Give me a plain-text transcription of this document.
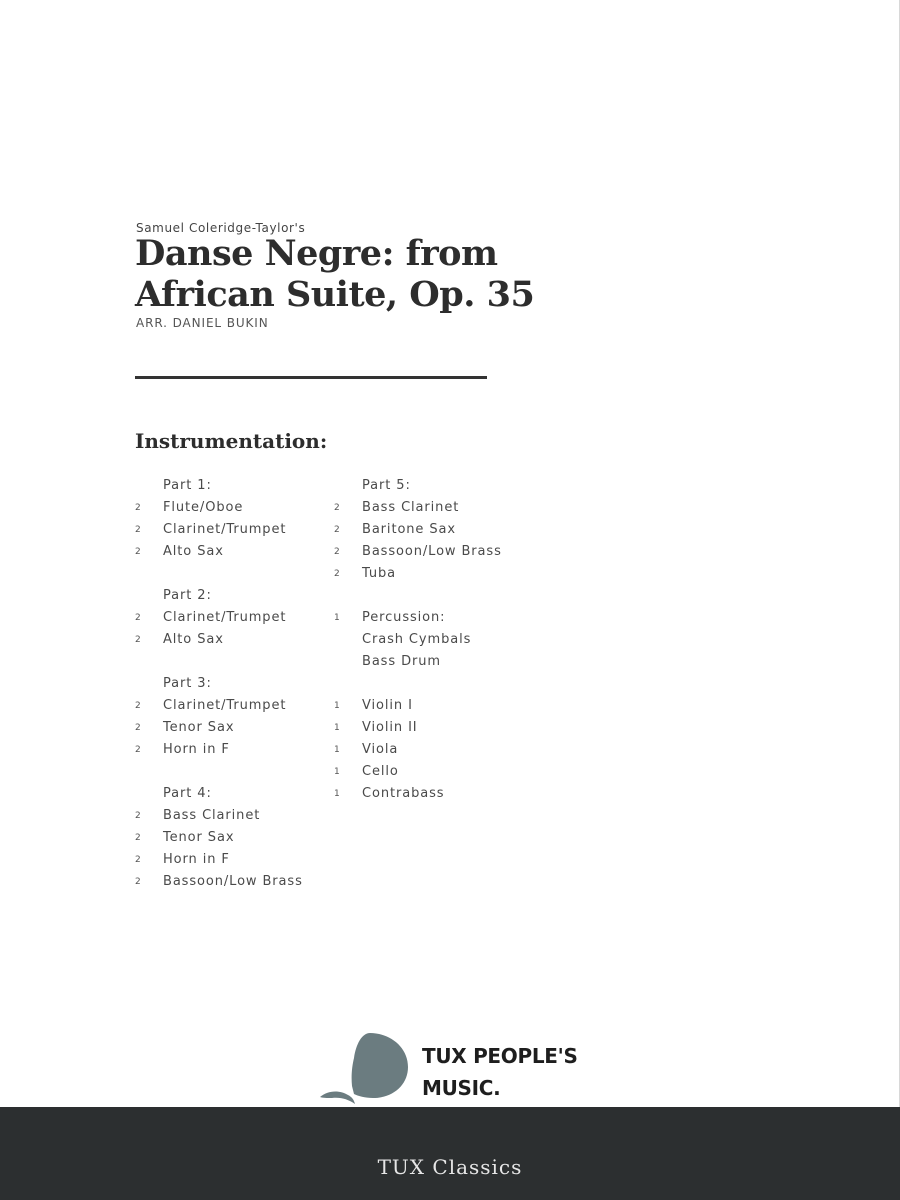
Samuel Coleridge-Taylor's
Danse Negre: from
African Suite, Op. 35
ARR. DANIEL BUKIN
Instrumentation:
Part 1:
2 Flute/Oboe
2 Clarinet/Trumpet
2 Alto Sax
Part 2:
2 Clarinet/Trumpet
2 Alto Sax
Part 3:
2 Clarinet/Trumpet
2 Tenor Sax
2 Horn in F
Part 4:
2 Bass Clarinet
2 Tenor Sax
2 Horn in F
2 Bassoon/Low Brass
Part 5:
2 Bass Clarinet
2 Baritone Sax
2 Bassoon/Low Brass
2 Tuba
1 Percussion:
Crash Cymbals
Bass Drum
1 Violin I
1 Violin II
1 Viola
1 Cello
1 Contrabass
TUX PEOPLE'S
MUSIC.
TUX Classics
